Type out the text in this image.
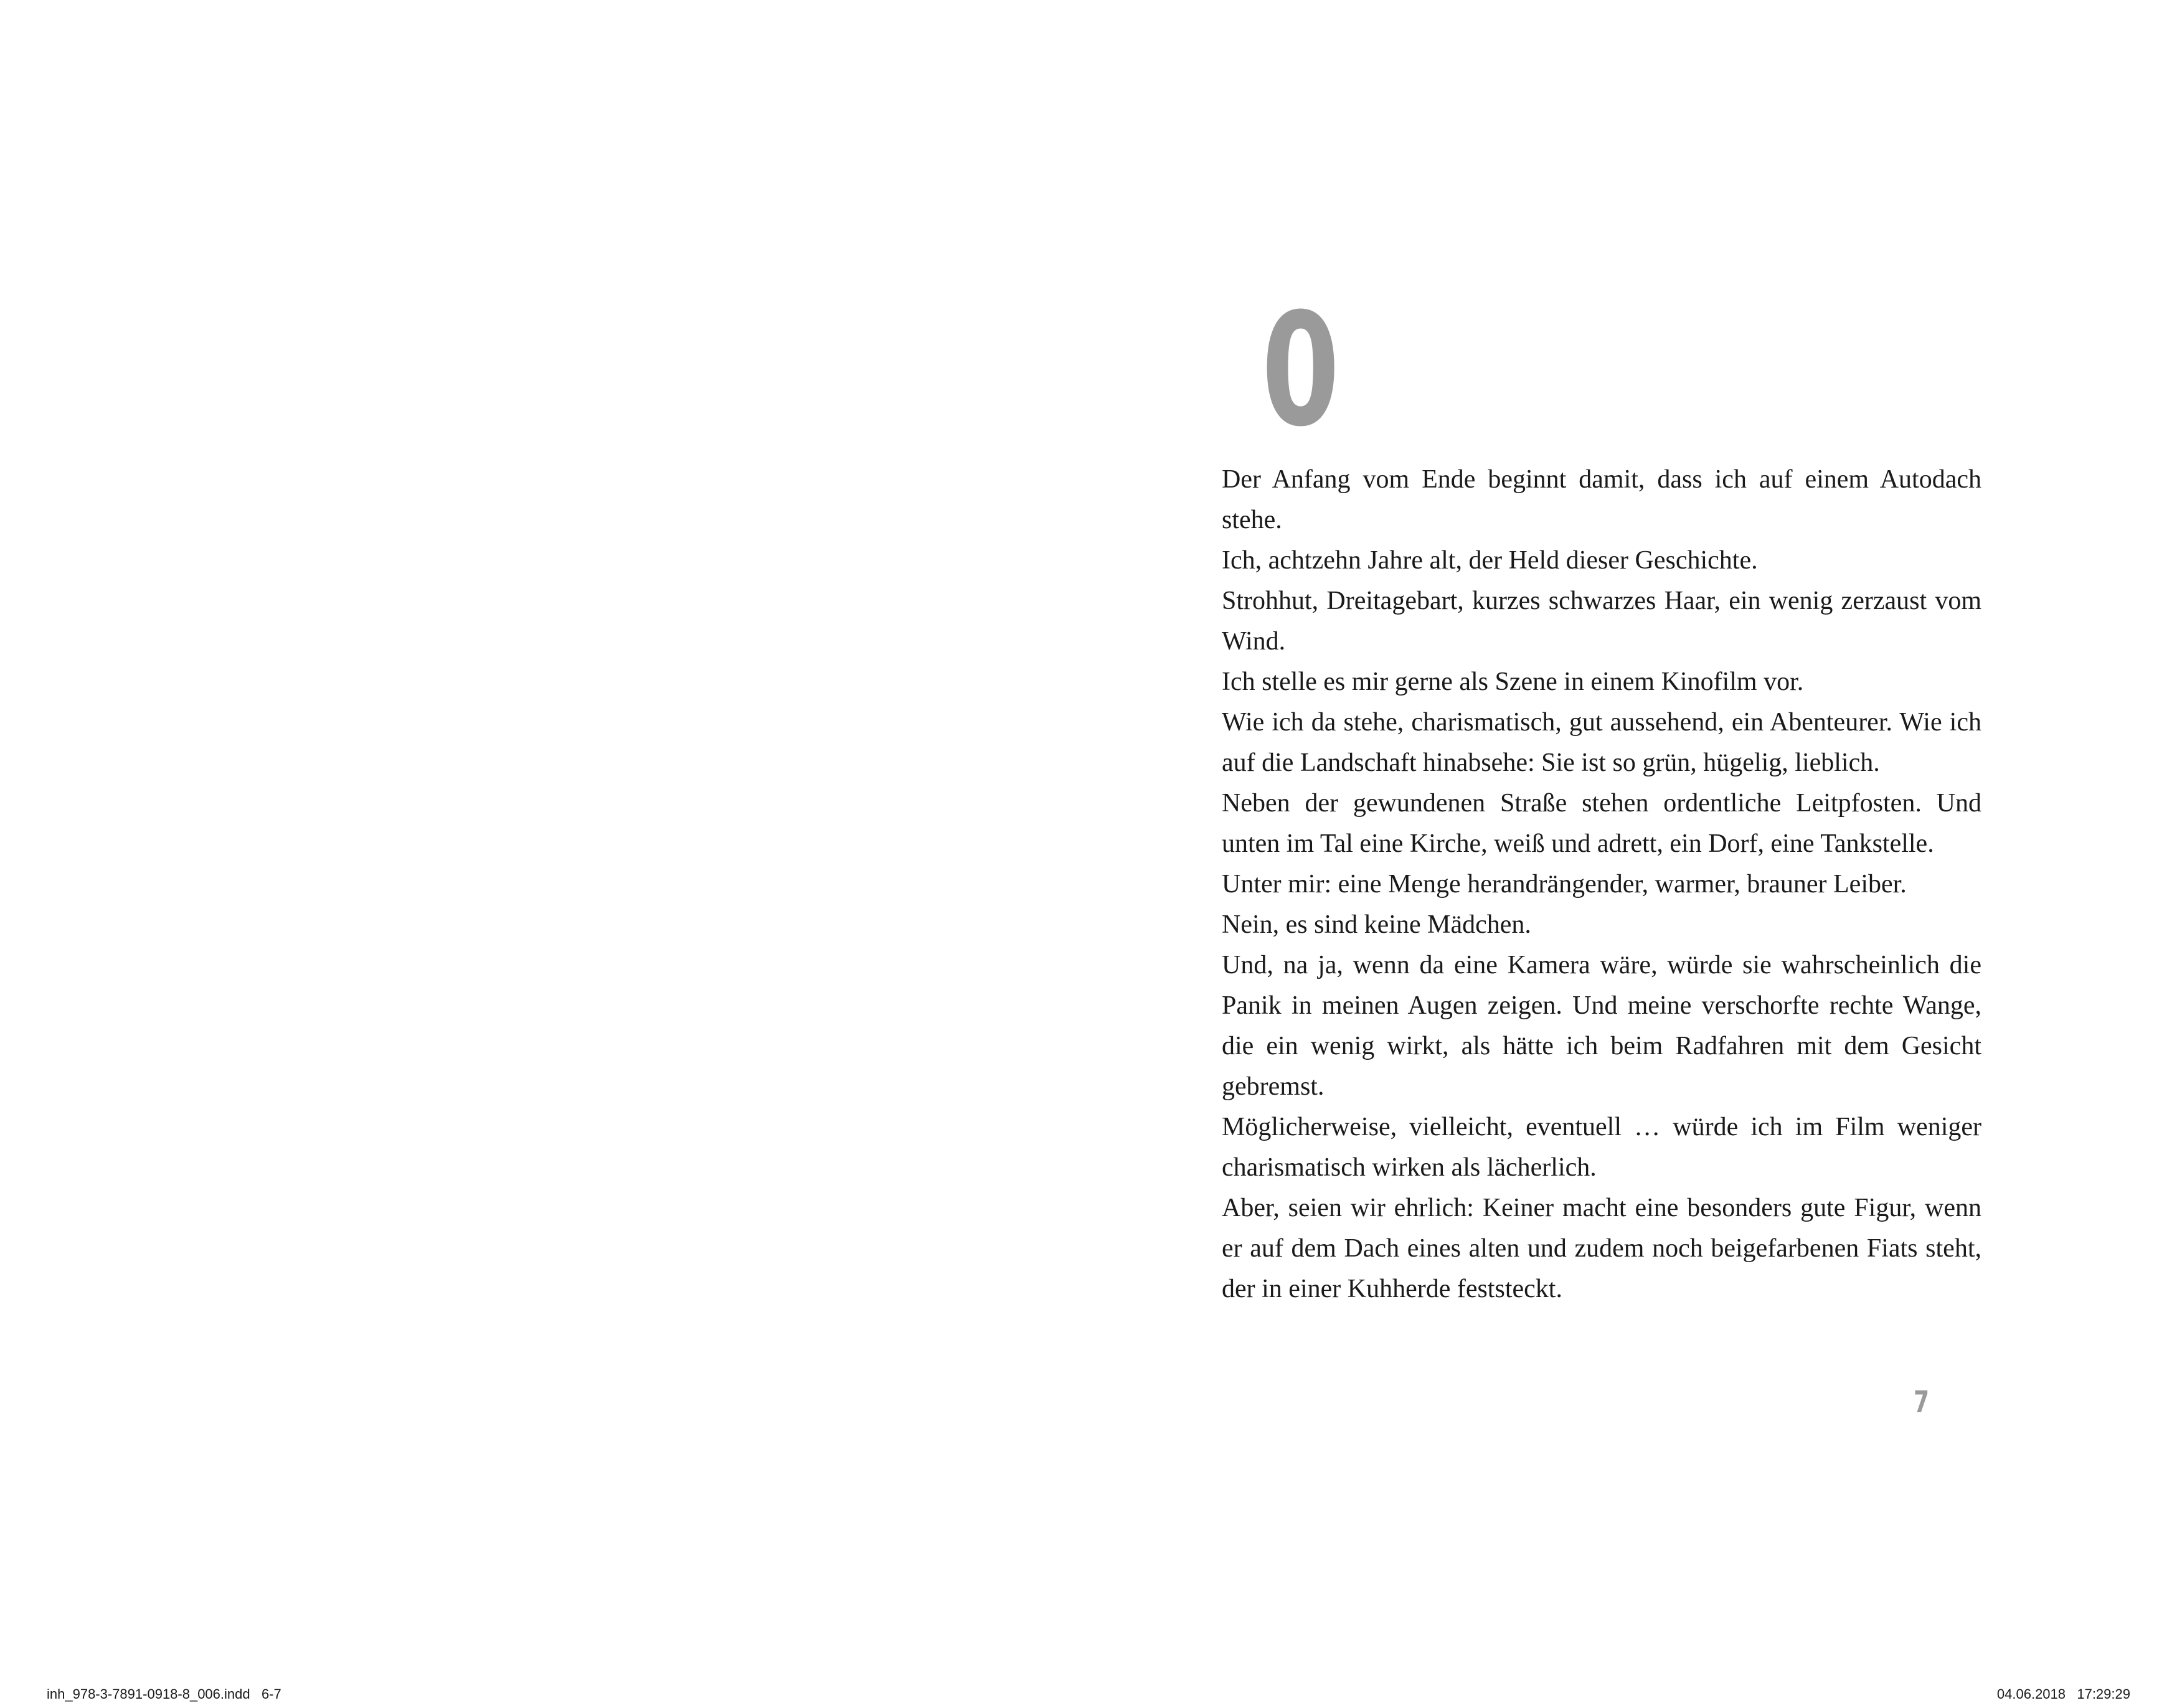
0

Der Anfang vom Ende beginnt damit, dass ich auf einem Autodach stehe.

Ich, achtzehn Jahre alt, der Held dieser Geschichte.

Strohhut, Dreitagebart, kurzes schwarzes Haar, ein wenig zerzaust vom Wind.

Ich stelle es mir gerne als Szene in einem Kinofilm vor.

Wie ich da stehe, charismatisch, gut aussehend, ein Abenteurer. Wie ich auf die Landschaft hinabsehe: Sie ist so grün, hügelig, lieblich.

Neben der gewundenen Straße stehen ordentliche Leitpfosten. Und unten im Tal eine Kirche, weiß und adrett, ein Dorf, eine Tankstelle.

Unter mir: eine Menge herandrängender, warmer, brauner Leiber.

Nein, es sind keine Mädchen.

Und, na ja, wenn da eine Kamera wäre, würde sie wahrscheinlich die Panik in meinen Augen zeigen. Und meine verschorfte rechte Wange, die ein wenig wirkt, als hätte ich beim Radfahren mit dem Gesicht gebremst.

Möglicherweise, vielleicht, eventuell … würde ich im Film weniger charismatisch wirken als lächerlich.

Aber, seien wir ehrlich: Keiner macht eine besonders gute Figur, wenn er auf dem Dach eines alten und zudem noch beigefarbenen Fiats steht, der in einer Kuhherde feststeckt.

7
inh_978-3-7891-0918-8_006.indd   6-7	04.06.2018   17:29:29
